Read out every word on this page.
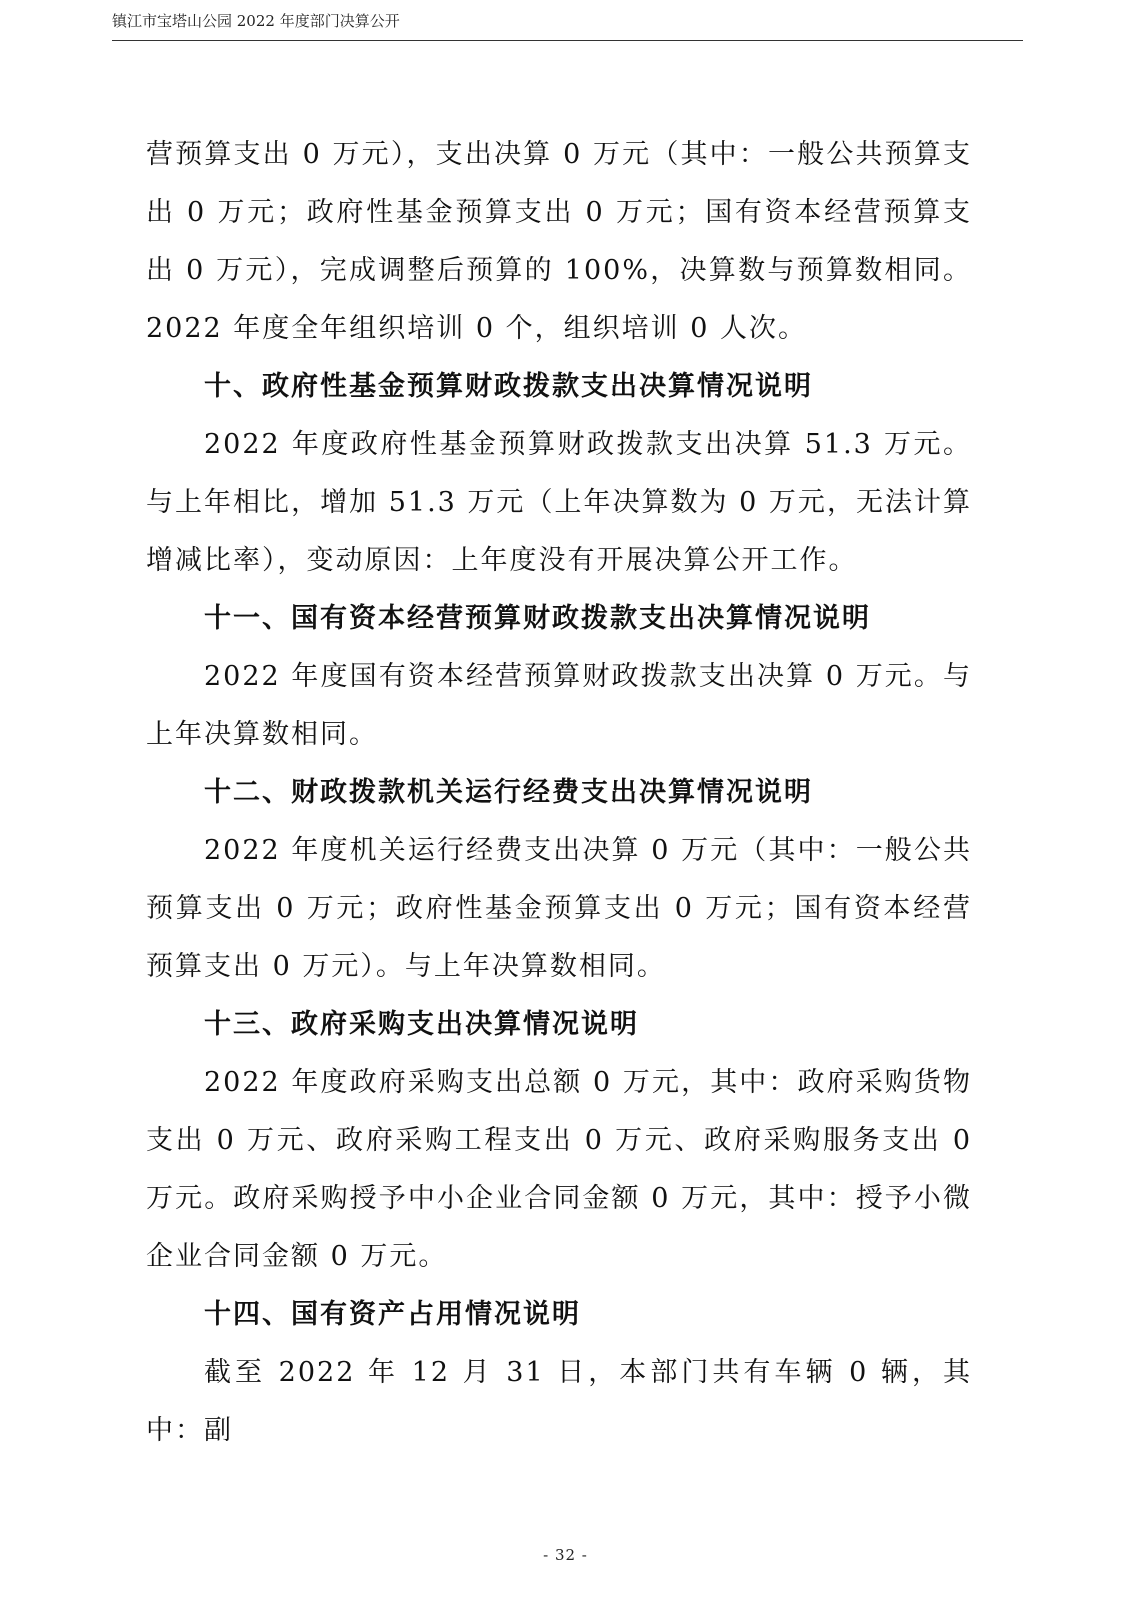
镇江市宝塔山公园 2022 年度部门决算公开

营预算支出 0 万元），支出决算 0 万元（其中：一般公共预算支出 0 万元；政府性基金预算支出 0 万元；国有资本经营预算支出 0 万元），完成调整后预算的 100%，决算数与预算数相同。2022 年度全年组织培训 0 个，组织培训 0 人次。

十、政府性基金预算财政拨款支出决算情况说明

2022 年度政府性基金预算财政拨款支出决算 51.3 万元。与上年相比，增加 51.3 万元（上年决算数为 0 万元，无法计算增减比率），变动原因：上年度没有开展决算公开工作。

十一、国有资本经营预算财政拨款支出决算情况说明

2022 年度国有资本经营预算财政拨款支出决算 0 万元。与上年决算数相同。

十二、财政拨款机关运行经费支出决算情况说明

2022 年度机关运行经费支出决算 0 万元（其中：一般公共预算支出 0 万元；政府性基金预算支出 0 万元；国有资本经营预算支出 0 万元）。与上年决算数相同。

十三、政府采购支出决算情况说明

2022 年度政府采购支出总额 0 万元，其中：政府采购货物支出 0 万元、政府采购工程支出 0 万元、政府采购服务支出 0 万元。政府采购授予中小企业合同金额 0 万元，其中：授予小微企业合同金额 0 万元。

十四、国有资产占用情况说明

截至 2022 年 12 月 31 日，本部门共有车辆 0 辆，其中：副

- 32 -
